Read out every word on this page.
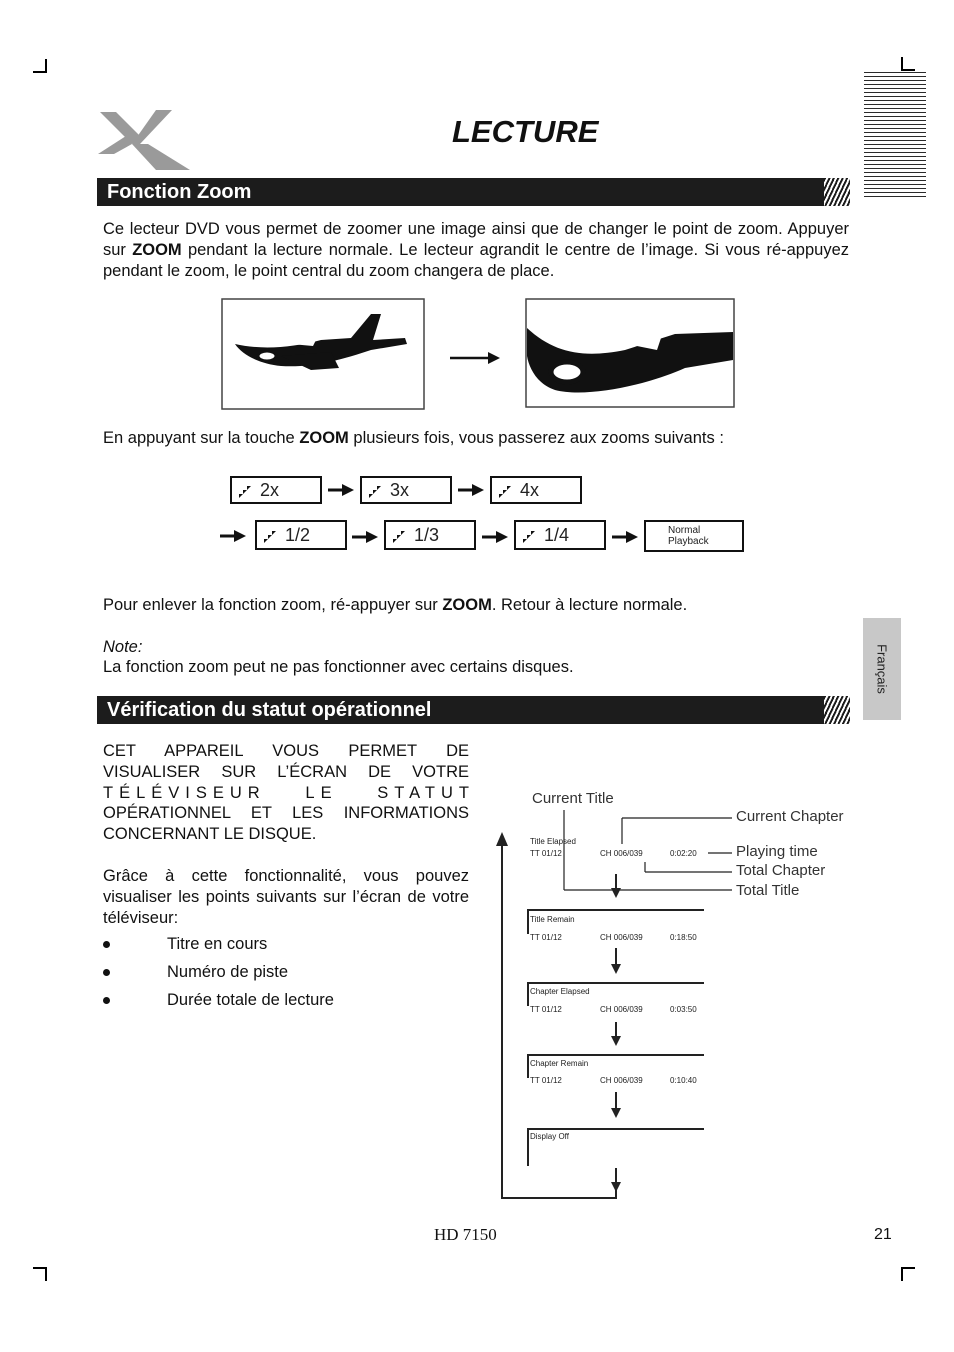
LECTURE
Fonction Zoom

Ce lecteur DVD vous permet de zoomer une image ainsi que de changer le point de zoom. Appuyer sur ZOOM pendant la lecture normale. Le lecteur agrandit le centre de l’image. Si vous ré-appuyez pendant le zoom, le point central du zoom changera de place.

En appuyant sur la touche ZOOM plusieurs fois, vous passerez aux zooms suivants :

2x	3x	4x
1/2	1/3	1/4	Normal
Playback

Pour enlever la fonction zoom, ré-appuyer sur ZOOM. Retour à lecture normale.

Note:

La fonction zoom peut ne pas fonctionner avec certains disques.	Français
Vérification du statut opérationnel
CET APPAREIL VOUS PERMET DE VISUALISER SUR L’ÉCRAN DE VOTRE
TÉLÉVISEUR LE STATUT
OPÉRATIONNEL ET LES INFORMATIONS CONCERNANT LE DISQUE.
Grâce à cette fonctionnalité, vous pouvez visualiser les points suivants sur l’écran de votre téléviseur:
Titre en cours
Numéro de piste
Durée totale de lecture
Current Title
Current Chapter
Playing time
Total Chapter
Total Title
Title Elapsed
TT 01/12	CH 006/039	0:02:20
Title Remain
TT 01/12	CH 006/039	0:18:50
Chapter Elapsed
TT 01/12	CH 006/039	0:03:50
Chapter Remain
TT 01/12	CH 006/039	0:10:40
Display Off
HD 7150	21
